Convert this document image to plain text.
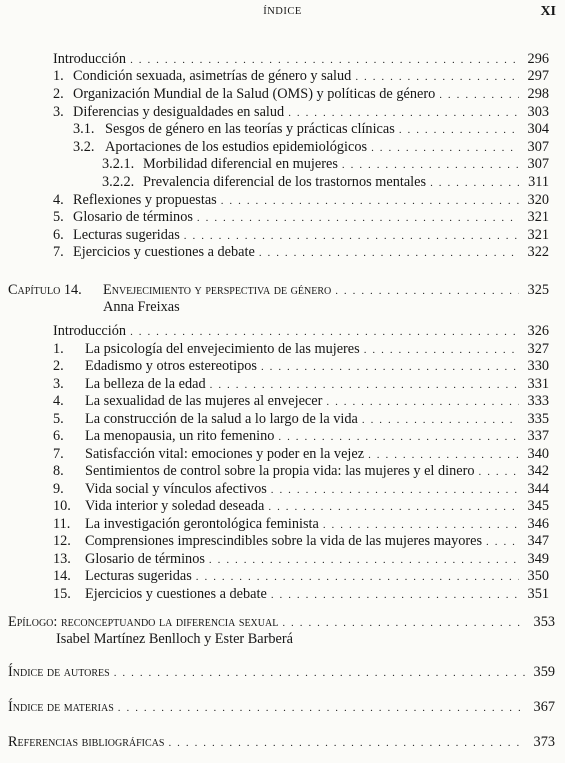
ÍNDICE	XI
Introducción . . .	296
1. Condición sexuada, asimetrías de género y salud . . .	297
2. Organización Mundial de la Salud (OMS) y políticas de género . . .	298
3. Diferencias y desigualdades en salud . . .	303
3.1. Sesgos de género en las teorías y prácticas clínicas . . .	304
3.2. Aportaciones de los estudios epidemiológicos . . .	307
3.2.1. Morbilidad diferencial en mujeres . . .	307
3.2.2. Prevalencia diferencial de los trastornos mentales . . .	311
4. Reflexiones y propuestas . . .	320
5. Glosario de términos . . .	321
6. Lecturas sugeridas . . .	321
7. Ejercicios y cuestiones a debate . . .	322
Capítulo 14.	Envejecimiento y perspectiva de género . . .	325
Anna Freixas
Introducción . . .	326
1.	La psicología del envejecimiento de las mujeres . . .	327
2.	Edadismo y otros estereotipos . . .	330
3.	La belleza de la edad . . .	331
4.	La sexualidad de las mujeres al envejecer . . .	333
5.	La construcción de la salud a lo largo de la vida . . .	335
6.	La menopausia, un rito femenino . . .	337
7.	Satisfacción vital: emociones y poder en la vejez . . .	340
8.	Sentimientos de control sobre la propia vida: las mujeres y el dinero . . .	342
9.	Vida social y vínculos afectivos . . .	344
10. Vida interior y soledad deseada . . .	345
11.	La investigación gerontológica feminista . . .	346
12. Comprensiones imprescindibles sobre la vida de las mujeres mayores . . .	347
13. Glosario de términos . . .	349
14. Lecturas sugeridas . . .	350
15. Ejercicios y cuestiones a debate . . .	351
Epílogo: reconceptuando la diferencia sexual . . .	353
Isabel Martínez Benlloch y Ester Barberá
Índice de autores . . .	359
Índice de materias . . .	367
Referencias bibliográficas . . .	373
